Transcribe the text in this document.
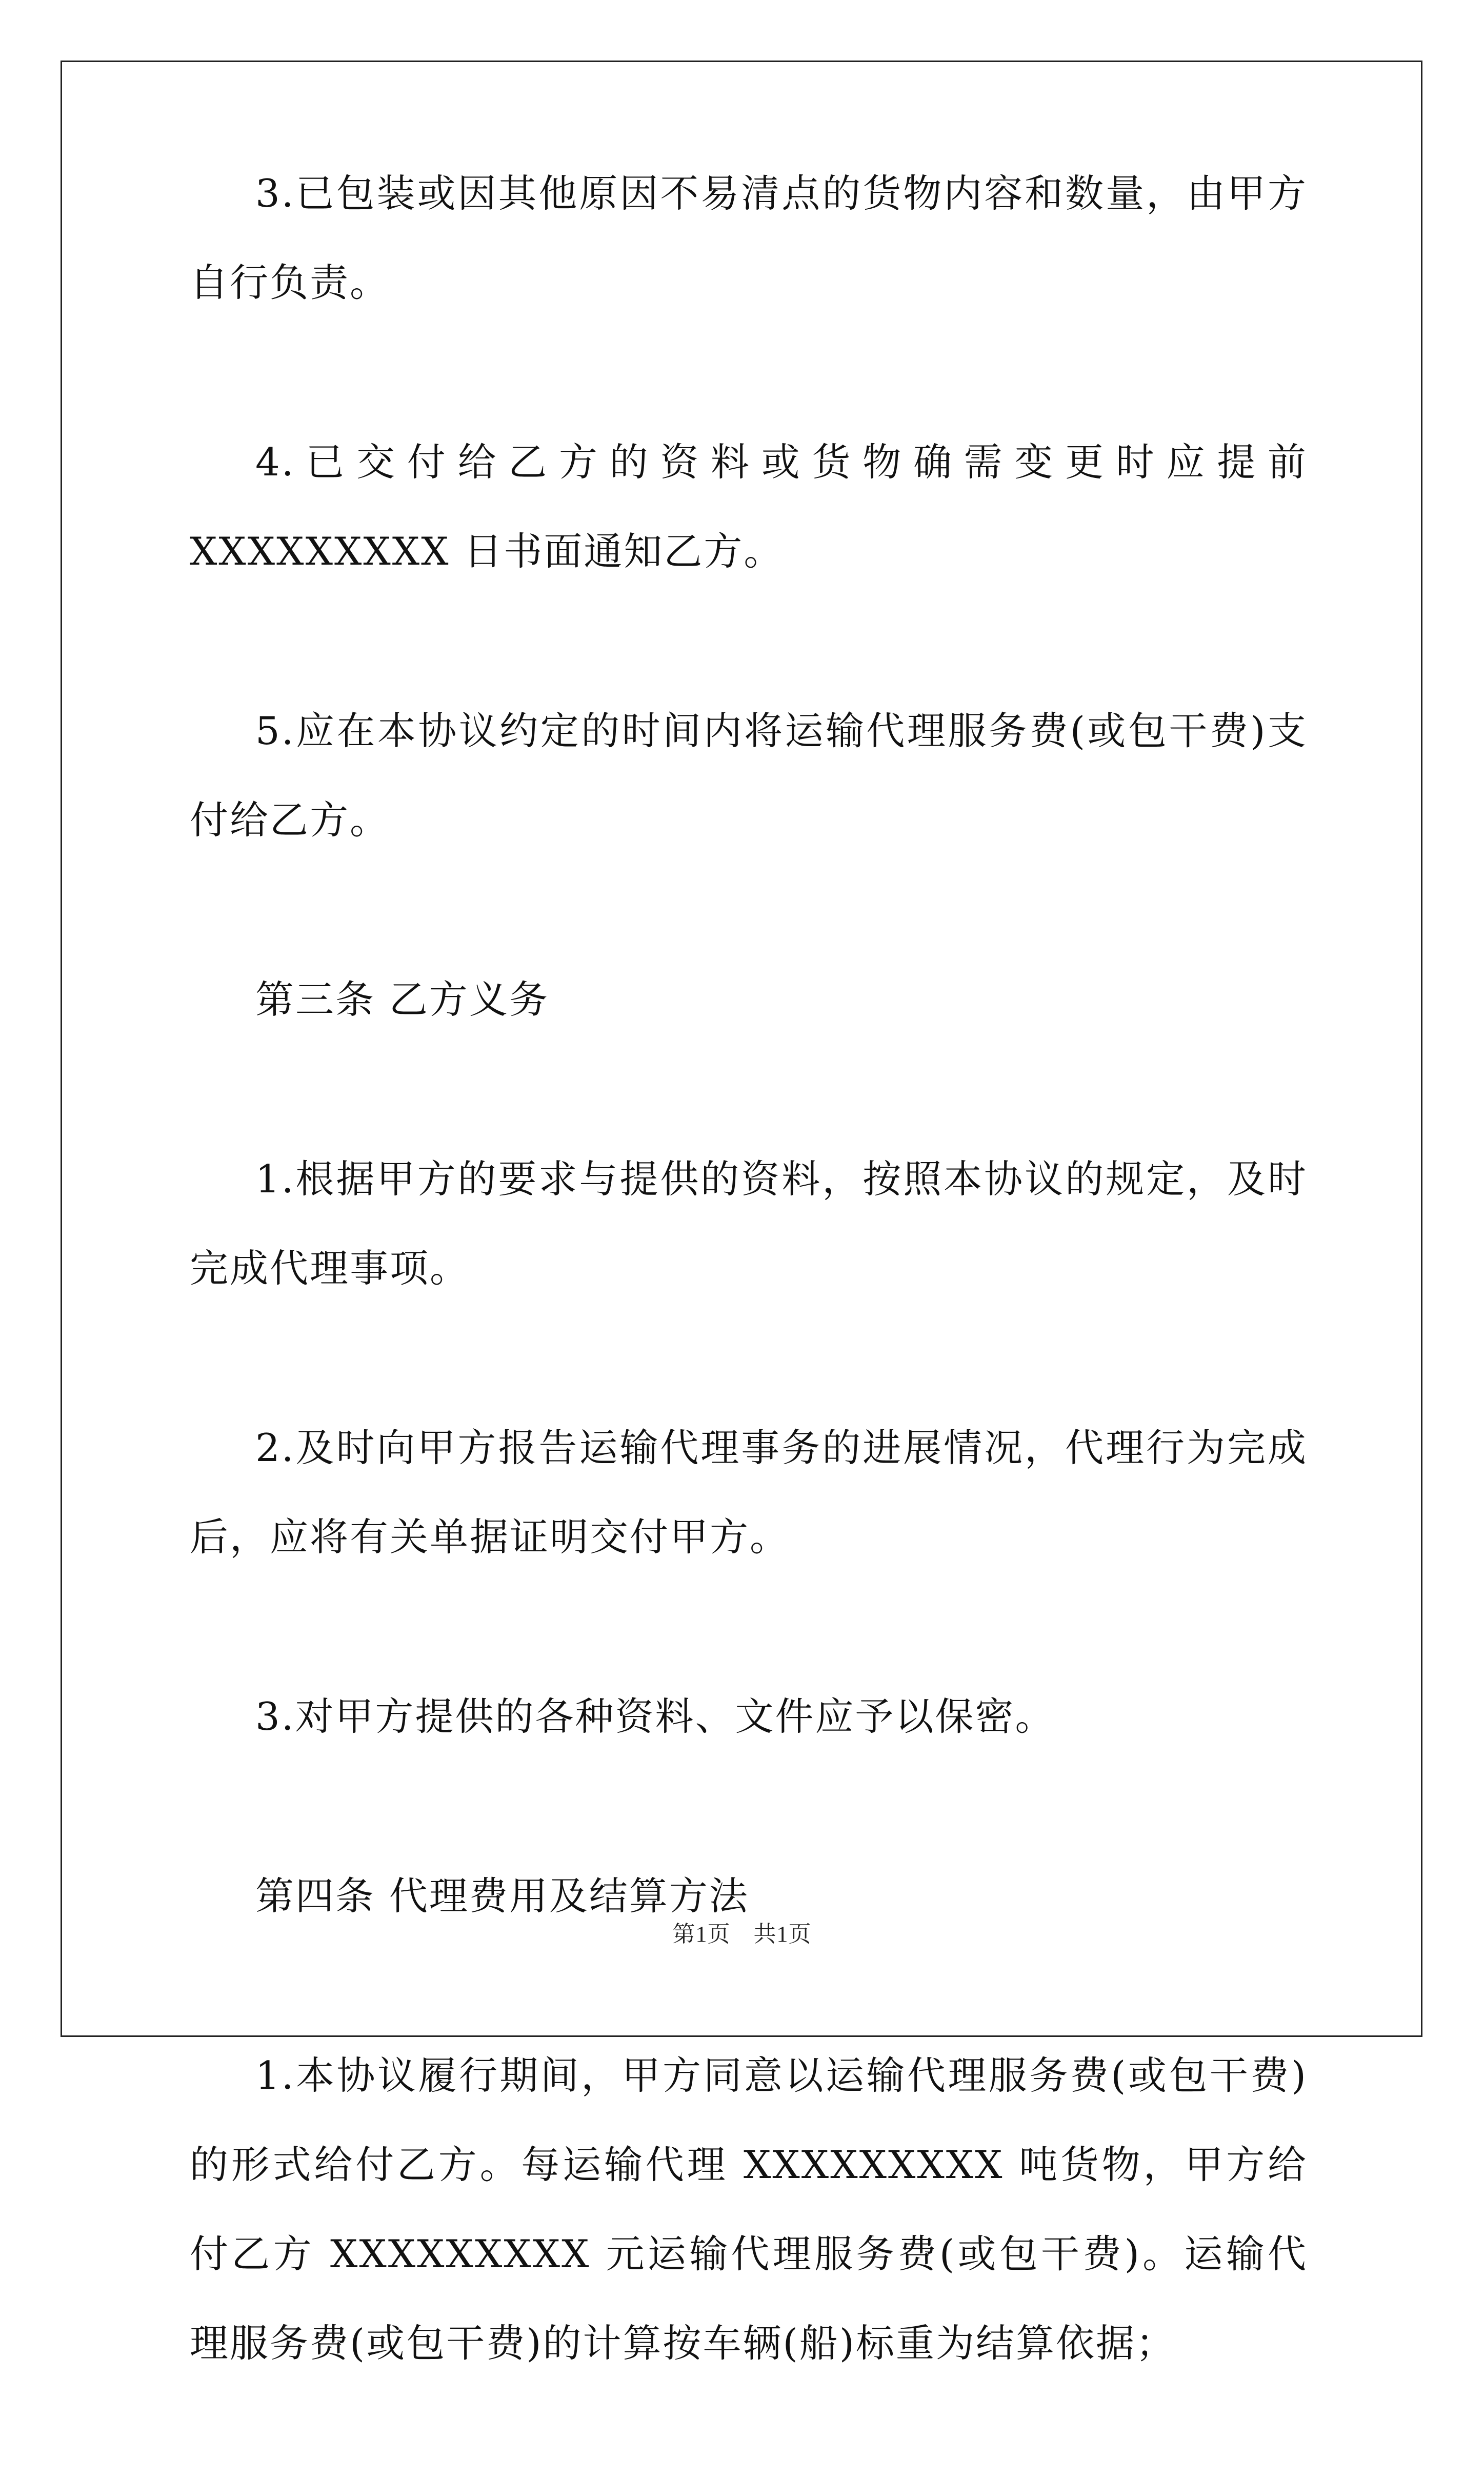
3.已包装或因其他原因不易清点的货物内容和数量，由甲方自行负责。

4.已交付给乙方的资料或货物确需变更时应提前 XXXXXXXXX 日书面通知乙方。

5.应在本协议约定的时间内将运输代理服务费(或包干费)支付给乙方。

第三条 乙方义务

1.根据甲方的要求与提供的资料，按照本协议的规定，及时完成代理事项。

2.及时向甲方报告运输代理事务的进展情况，代理行为完成后，应将有关单据证明交付甲方。

3.对甲方提供的各种资料、文件应予以保密。

第四条 代理费用及结算方法

1.本协议履行期间，甲方同意以运输代理服务费(或包干费)的形式给付乙方。每运输代理 XXXXXXXXX 吨货物，甲方给付乙方 XXXXXXXXX 元运输代理服务费(或包干费)。运输代理服务费(或包干费)的计算按车辆(船)标重为结算依据；

第1页　共1页
